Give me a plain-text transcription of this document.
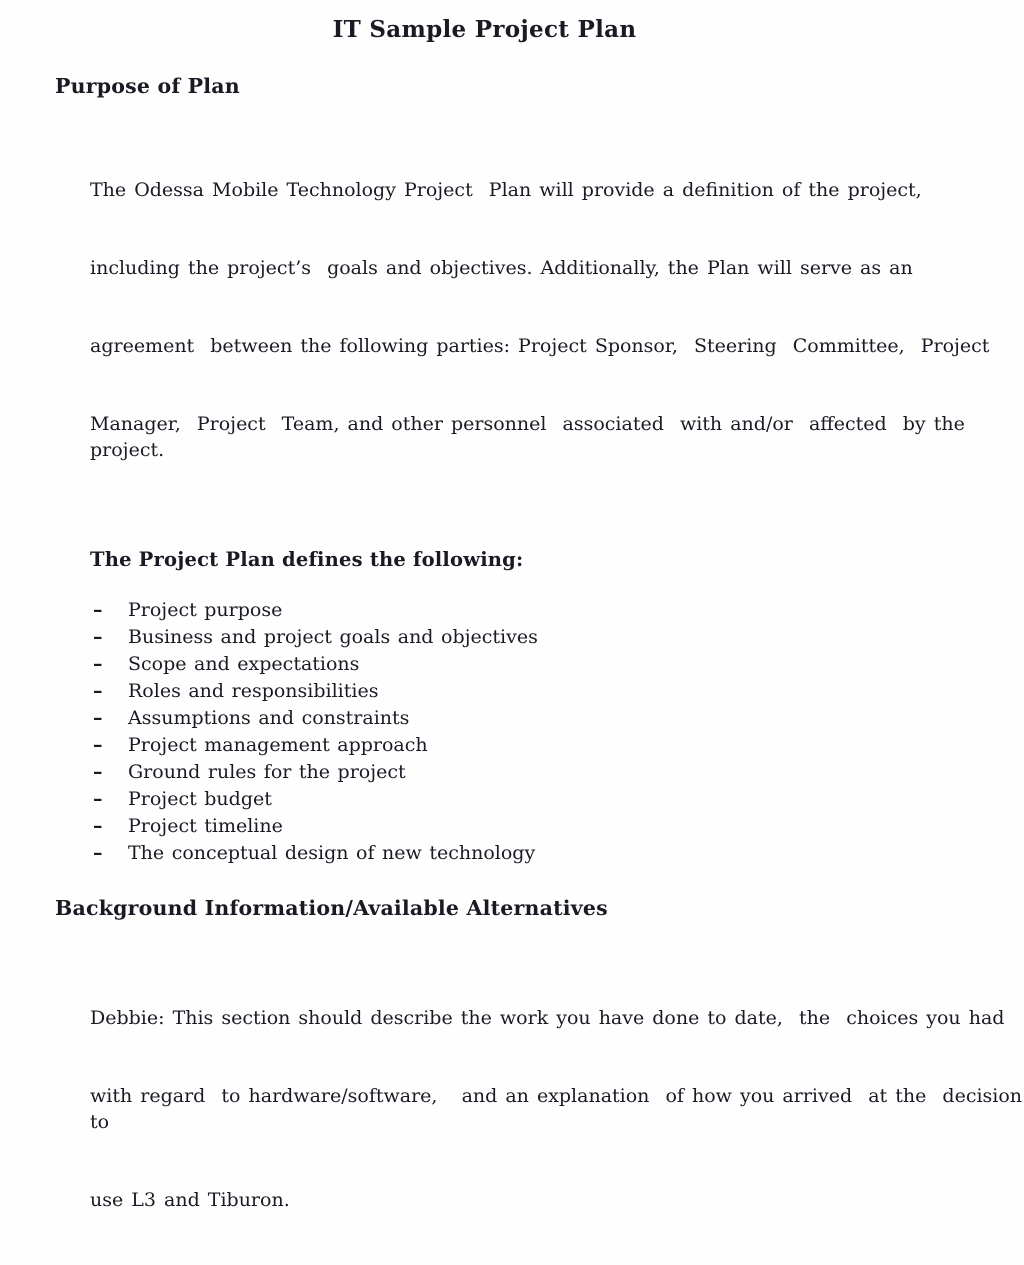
IT Sample Project Plan
Purpose of Plan

The Odessa Mobile Technology Project  Plan will provide a definition of the project,

including the project’s  goals and objectives. Additionally, the Plan will serve as an

agreement  between the following parties: Project Sponsor,  Steering  Committee,  Project

Manager,  Project  Team, and other personnel  associated  with and/or  affected  by the project.

The Project Plan defines the following:
–	Project purpose
–	Business and project goals and objectives
–	Scope and expectations
–	Roles and responsibilities
–	Assumptions and constraints
–	Project management approach
–	Ground rules for the project
–	Project budget
–	Project timeline
–	The conceptual design of new technology
Background Information/Available Alternatives

Debbie: This section should describe the work you have done to date,  the  choices you had

with regard  to hardware/software,   and an explanation  of how you arrived  at the  decision to

use L3 and Tiburon.
